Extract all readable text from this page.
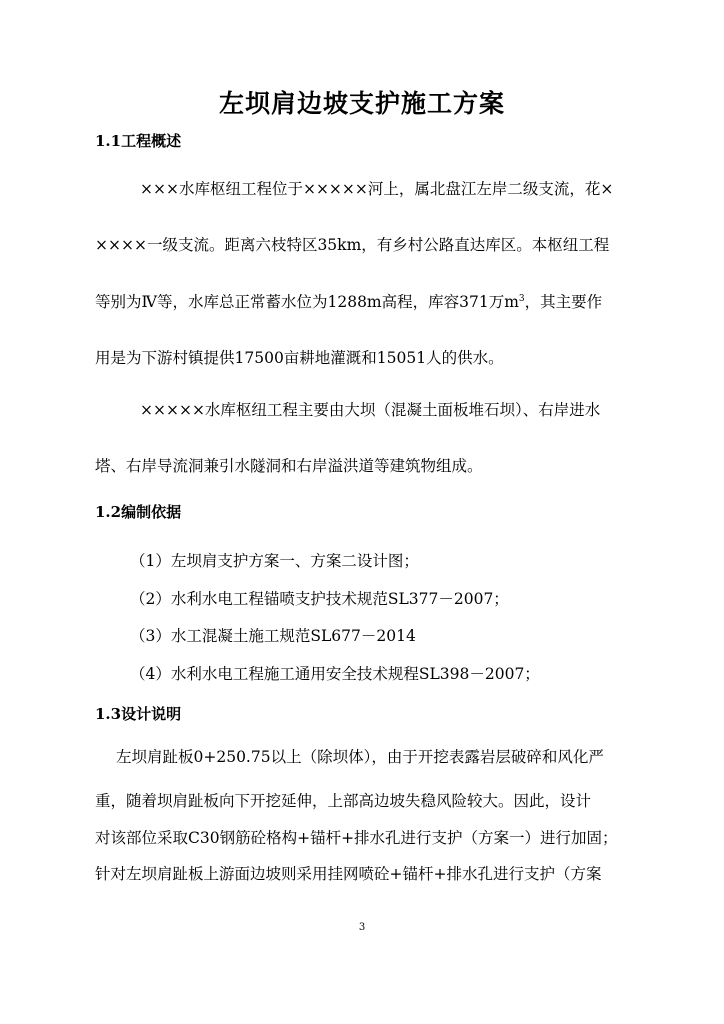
左坝肩边坡支护施工方案
1.1工程概述
×××水库枢纽工程位于×××××河上，属北盘江左岸二级支流，花×
××××一级支流。距离六枝特区35km，有乡村公路直达库区。本枢纽工程
等别为Ⅳ等，水库总正常蓄水位为1288m高程，库容371万$m^3$，其主要作
用是为下游村镇提供17500亩耕地灌溉和15051人的供水。
×××××水库枢纽工程主要由大坝（混凝土面板堆石坝）、右岸进水
塔、右岸导流洞兼引水隧洞和右岸溢洪道等建筑物组成。
1.2编制依据
（1）左坝肩支护方案一、方案二设计图；
（2）水利水电工程锚喷支护技术规范SL377－2007；
（3）水工混凝土施工规范SL677－2014
（4）水利水电工程施工通用安全技术规程SL398－2007；
1.3设计说明
左坝肩趾板0+250.75以上（除坝体），由于开挖表露岩层破碎和风化严
重，随着坝肩趾板向下开挖延伸，上部高边坡失稳风险较大。因此，设计
对该部位采取C30钢筋砼格构+锚杆+排水孔进行支护（方案一）进行加固；
针对左坝肩趾板上游面边坡则采用挂网喷砼+锚杆+排水孔进行支护（方案
3
